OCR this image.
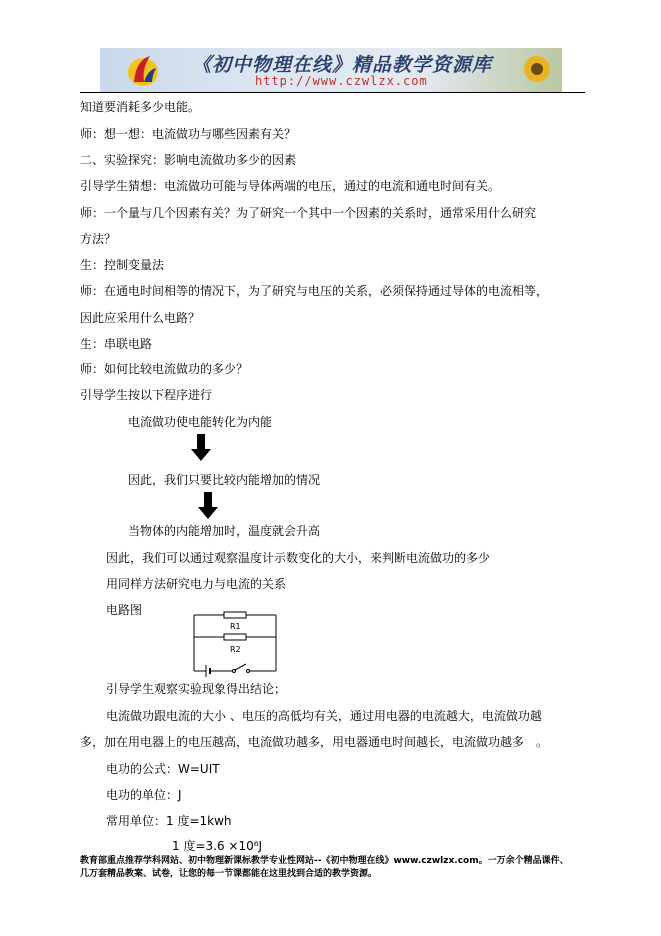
《初中物理在线》精品教学资源库
http://www.czwlzx.com
知道要消耗多少电能。
师：想一想：电流做功与哪些因素有关？
二、实验探究：影响电流做功多少的因素
引导学生猜想：电流做功可能与导体两端的电压，通过的电流和通电时间有关。
师：一个量与几个因素有关？为了研究一个其中一个因素的关系时，通常采用什么研究
方法？
生：控制变量法
师：在通电时间相等的情况下，为了研究与电压的关系，必须保持通过导体的电流相等，
因此应采用什么电路？
生：串联电路
师：如何比较电流做功的多少？
引导学生按以下程序进行
电流做功使电能转化为内能
因此，我们只要比较内能增加的情况
当物体的内能增加时，温度就会升高
因此，我们可以通过观察温度计示数变化的大小，来判断电流做功的多少
用同样方法研究电力与电流的关系
电路图
R1
R2
引导学生观察实验现象得出结论；
电流做功跟电流的大小 、电压的高低均有关，通过用电器的电流越大，电流做功越
多，加在用电器上的电压越高，电流做功越多，用电器通电时间越长，电流做功越多　。
电功的公式：W=UIT
电功的单位：J
常用单位：1 度=1kwh
1 度=3.6 ×10⁶J
教育部重点推荐学科网站、初中物理新课标教学专业性网站--《初中物理在线》www.czwlzx.com。一万余个精品课件、
几万套精品教案、试卷，让您的每一节课都能在这里找到合适的教学资源。
